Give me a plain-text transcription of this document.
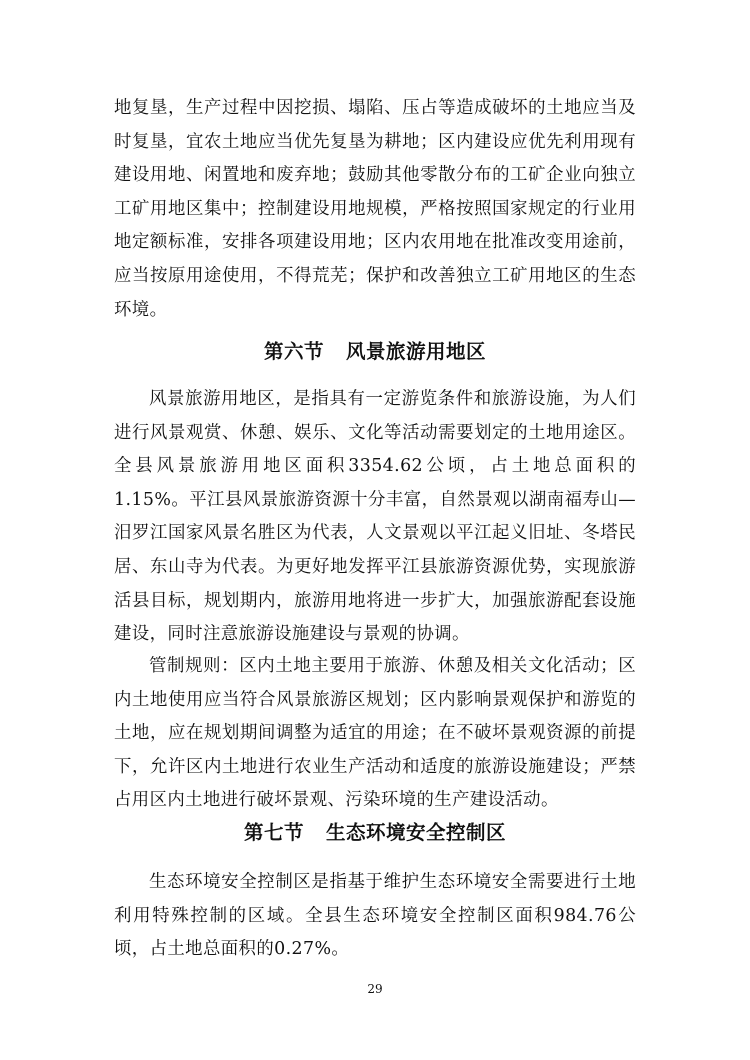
地复垦，生产过程中因挖损、塌陷、压占等造成破坏的土地应当及时复垦，宜农土地应当优先复垦为耕地；区内建设应优先利用现有建设用地、闲置地和废弃地；鼓励其他零散分布的工矿企业向独立工矿用地区集中；控制建设用地规模，严格按照国家规定的行业用地定额标准，安排各项建设用地；区内农用地在批准改变用途前，应当按原用途使用，不得荒芜；保护和改善独立工矿用地区的生态环境。

第六节 风景旅游用地区

风景旅游用地区，是指具有一定游览条件和旅游设施，为人们进行风景观赏、休憩、娱乐、文化等活动需要划定的土地用途区。全县风景旅游用地区面积3354.62公顷，占土地总面积的1.15%。平江县风景旅游资源十分丰富，自然景观以湖南福寿山—汨罗江国家风景名胜区为代表，人文景观以平江起义旧址、冬塔民居、东山寺为代表。为更好地发挥平江县旅游资源优势，实现旅游活县目标，规划期内，旅游用地将进一步扩大，加强旅游配套设施建设，同时注意旅游设施建设与景观的协调。

管制规则：区内土地主要用于旅游、休憩及相关文化活动；区内土地使用应当符合风景旅游区规划；区内影响景观保护和游览的土地，应在规划期间调整为适宜的用途；在不破坏景观资源的前提下，允许区内土地进行农业生产活动和适度的旅游设施建设；严禁占用区内土地进行破坏景观、污染环境的生产建设活动。

第七节 生态环境安全控制区

生态环境安全控制区是指基于维护生态环境安全需要进行土地利用特殊控制的区域。全县生态环境安全控制区面积984.76公顷，占土地总面积的0.27%。

29
